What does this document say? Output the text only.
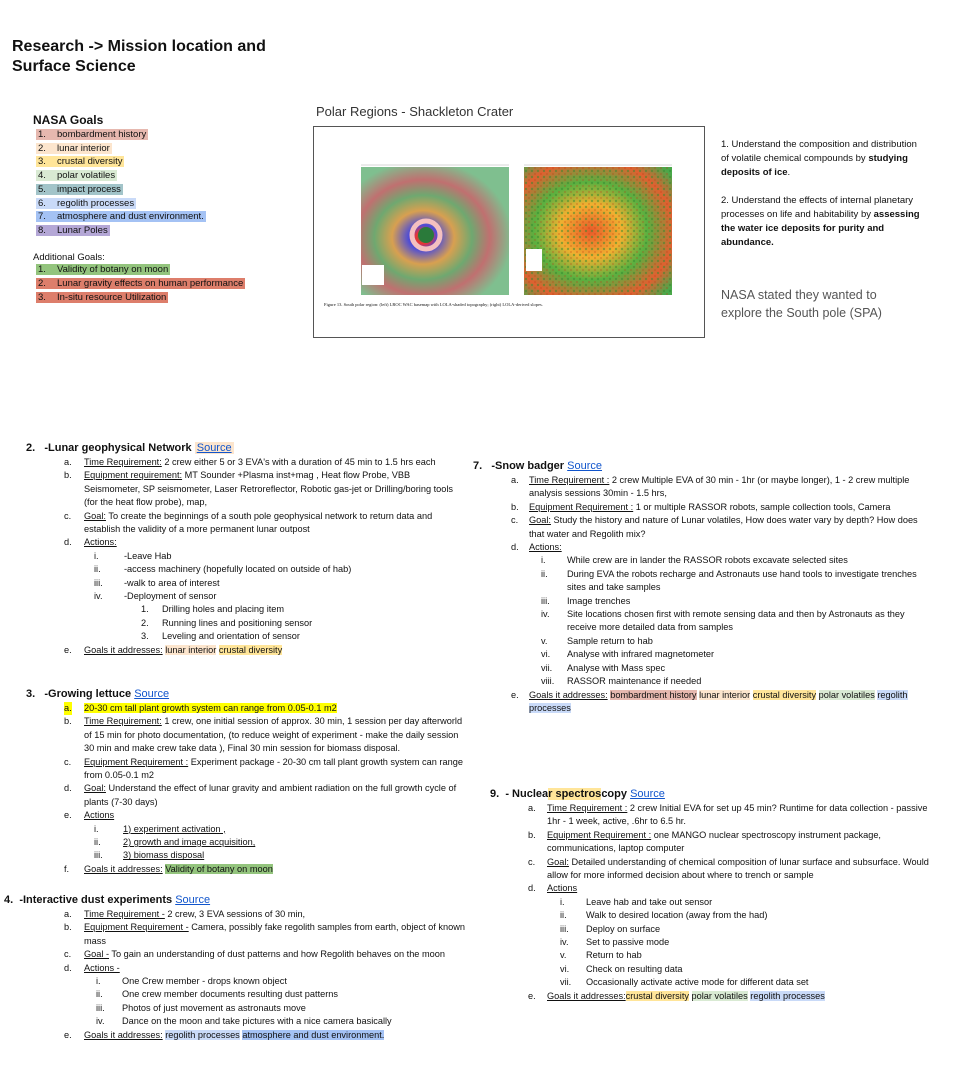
Research -> Mission location and Surface Science
NASA Goals
1. bombardment history
2. lunar interior
3. crustal diversity
4. polar volatiles
5. impact process
6. regolith processes
7. atmosphere and dust environment.
8. Lunar Poles
Additional Goals:
1. Validity of botany on moon
2. Lunar gravity effects on human performance
3. In-situ resource Utilization
Polar Regions - Shackleton Crater
Figure 13. South polar region: (left) LROC WAC basemap with LOLA-shaded topography; (right) LOLA-derived slopes.
1. Understand the composition and distribution of volatile chemical compounds by studying deposits of ice.
2. Understand the effects of internal planetary processes on life and habitability by assessing the water ice deposits for purity and abundance.
NASA stated they wanted to explore the South pole (SPA)
2. -Lunar geophysical Network Source
a. Time Requirement: 2 crew either 5 or 3 EVA's with a duration of 45 min to 1.5 hrs each
b. Equipment requirement: MT Sounder +Plasma inst+mag , Heat flow Probe, VBB Seismometer, SP seismometer, Laser Retroreflector, Robotic gas-jet or Drilling/boring tools (for the heat flow probe), map,
c. Goal: To create the beginnings of a south pole geophysical network to return data and establish the validity of a more permanent lunar outpost
d. Actions:
i.	-Leave Hab
ii.	-access machinery (hopefully located on outside of hab)
iii. -walk to area of interest
iv. -Deployment of sensor
1. Drilling holes and placing item
2. Running lines and positioning sensor
3. Leveling and orientation of sensor
e. Goals it addresses: lunar interior crustal diversity
3. -Growing lettuce Source
a. 20-30 cm tall plant growth system can range from 0.05-0.1 m2
b. Time Requirement: 1 crew, one initial session of approx. 30 min, 1 session per day afterworld of 15 min for photo documentation, (to reduce weight of experiment - make the daily session 30 min and make crew take data ), Final 30 min session for biomass disposal.
c. Equipment Requirement : Experiment package - 20-30 cm tall plant growth system can range from 0.05-0.1 m2
d. Goal: Understand the effect of lunar gravity and ambient radiation on the full growth cycle of plants (7-30 days)
e. Actions
i.	1) experiment activation ,
ii. 2) growth and image acquisition,
iii. 3) biomass disposal
f. Goals it addresses: Validity of botany on moon
4. -Interactive dust experiments Source
a. Time Requirement - 2 crew, 3 EVA sessions of 30 min,
b. Equipment Requirement - Camera, possibly fake regolith samples from earth, object of known mass
c. Goal - To gain an understanding of dust patterns and how Regolith behaves on the moon
d. Actions -
i. One Crew member - drops known object
ii. One crew member documents resulting dust patterns
iii. Photos of just movement as astronauts move
iv. Dance on the moon and take pictures with a nice camera basically
e. Goals it addresses: regolith processes atmosphere and dust environment.
7. -Snow badger Source
a. Time Requirement : 2 crew Multiple EVA of 30 min - 1hr (or maybe longer), 1 - 2 crew multiple analysis sessions 30min - 1.5 hrs,
b. Equipment Requirement : 1 or multiple RASSOR robots, sample collection tools, Camera
c. Goal: Study the history and nature of Lunar volatiles, How does water vary by depth? How does that water and Regolith mix?
d. Actions:
i. While crew are in lander the RASSOR robots excavate selected sites
ii. During EVA the robots recharge and Astronauts use hand tools to investigate trenches sites and take samples
iii. Image trenches
iv. Site locations chosen first with remote sensing data and then by Astronauts as they receive more detailed data from samples
v. Sample return to hab
vi. Analyse with infrared magnetometer
vii. Analyse with Mass spec
viii. RASSOR maintenance if needed
e. Goals it addresses: bombardment history lunar interior crustal diversity polar volatiles regolith processes
9. - Nuclear spectroscopy Source
a. Time Requirement : 2 crew Initial EVA for set up 45 min? Runtime for data collection - passive 1hr - 1 week, active, .6hr to 6.5 hr.
b. Equipment Requirement : one MANGO nuclear spectroscopy instrument package, communications, laptop computer
c. Goal: Detailed understanding of chemical composition of lunar surface and subsurface. Would allow for more informed decision about where to trench or sample
d. Actions
i. Leave hab and take out sensor
ii. Walk to desired location (away from the had)
iii. Deploy on surface
iv. Set to passive mode
v. Return to hab
vi. Check on resulting data
vii. Occasionally activate active mode for different data set
e. Goals it addresses:crustal diversity polar volatiles regolith processes
